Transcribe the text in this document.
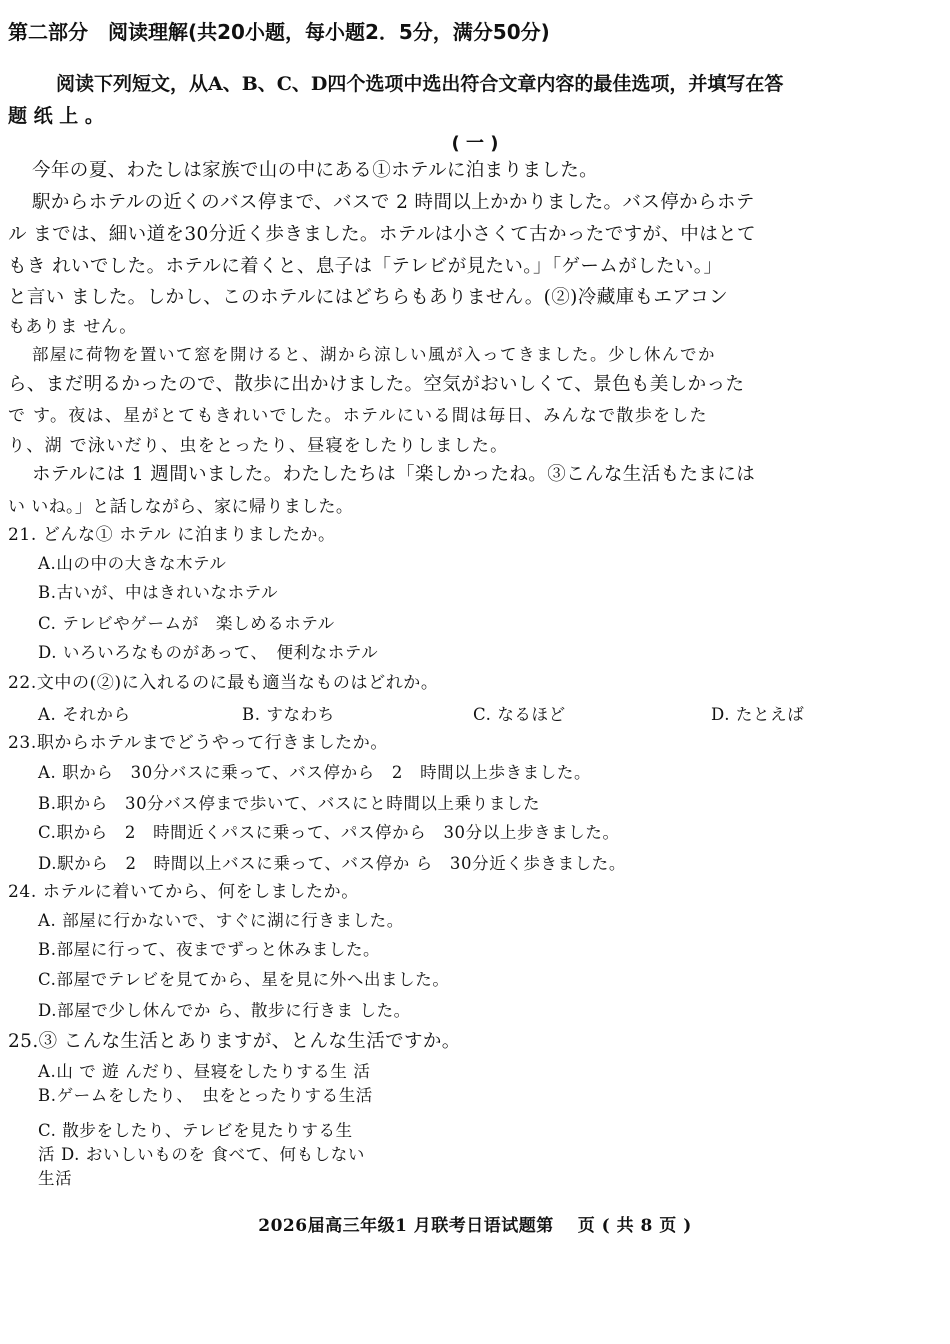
第二部分　阅读理解(共20小题，每小题2．5分，满分50分)
阅读下列短文，从A、B、C、D四个选项中选出符合文章内容的最佳选项，并填写在答
题 纸 上 。
( 一 )
今年の夏、わたしは家族で山の中にある①ホテルに泊まりました。
駅からホテルの近くのバス停まで、バスで 2 時間以上かかりました。バス停からホテ
ル までは、細い道を30分近く歩きました。ホテルは小さくて古かったですが、中はとて
もき れいでした。ホテルに着くと、息子は「テレビが見たい。」「ゲームがしたい。」
と言い ました。しかし、このホテルにはどちらもありません。(②)冷藏庫もエアコン
もありま せん。
部屋に荷物を置いて窓を開けると、湖から涼しい風が入ってきました。少し休んでか
ら、まだ明るかったので、散歩に出かけました。空気がおいしくて、景色も美しかった
で す。夜は、星がとてもきれいでした。ホテルにいる間は毎日、みんなで散歩をした
り、湖 で泳いだり、虫をとったり、昼寝をしたりしました。
ホテルには 1 週間いました。わたしたちは「楽しかったね。③こんな生活もたまには
い いね。」と話しながら、家に帰りました。
21. どんな① ホテル に泊まりましたか。
A.山の中の大きな木テル
B.古いが、中はきれいなホテル
C. テレビやゲームが　楽しめるホテル
D. いろいろなものがあって、　便利なホテル
22.文中の(②)に入れるのに最も適当なものはどれか。
A. それから	B. すなわち	C. なるほど	D. たとえば
23.职からホテルまでどうやって行きましたか。
A. 职から　30分バスに乗って、バス停から　2　時間以上歩きました。
B.职から　30分バス停まで歩いて、バスにと時間以上乗りました
C.职から　2　時間近くパスに乗って、パス停から　30分以上步きました。
D.駅から　2　時間以上バスに乗って、バス停か ら　30分近く歩きました。
24. ホテルに着いてから、何をしましたか。
A. 部屋に行かないで、すぐに湖に行きました。
B.部屋に行って、夜までずっと休みました。
C.部屋でテレビを見てから、星を見に外へ出ました。
D.部屋で少し休んでか ら、散步に行きま した。
25.③ こんな生活とありますが、とんな生活ですか。
A.山 で 遊 んだり、昼寝をしたりする生 活
B.ゲームをしたり、　虫をとったりする生活
C. 散步をしたり、テレビを見たりする生
活 D. おいしいものを 食べて、何もしない
生活
2026届高三年级1 月联考日语试题第　 页 ( 共 8 页 )
